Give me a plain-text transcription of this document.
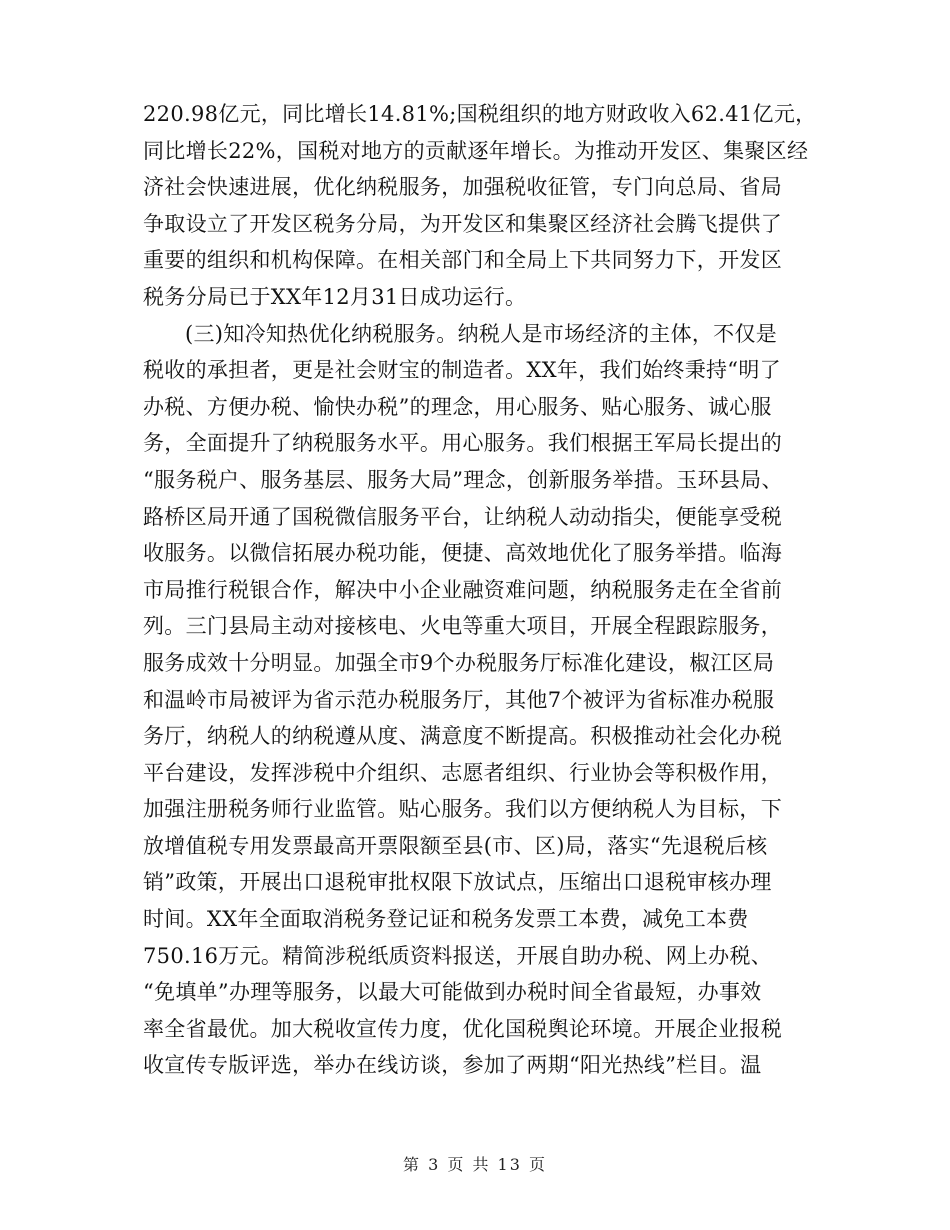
220.98亿元，同比增长14.81%;国税组织的地方财政收入62.41亿元，
同比增长22%，国税对地方的贡献逐年增长。为推动开发区、集聚区经
济社会快速进展，优化纳税服务，加强税收征管，专门向总局、省局
争取设立了开发区税务分局，为开发区和集聚区经济社会腾飞提供了
重要的组织和机构保障。在相关部门和全局上下共同努力下，开发区
税务分局已于XX年12月31日成功运行。
(三)知冷知热优化纳税服务。纳税人是市场经济的主体，不仅是
税收的承担者，更是社会财宝的制造者。XX年，我们始终秉持“明了
办税、方便办税、愉快办税”的理念，用心服务、贴心服务、诚心服
务，全面提升了纳税服务水平。用心服务。我们根据王军局长提出的
“服务税户、服务基层、服务大局”理念，创新服务举措。玉环县局、
路桥区局开通了国税微信服务平台，让纳税人动动指尖，便能享受税
收服务。以微信拓展办税功能，便捷、高效地优化了服务举措。临海
市局推行税银合作，解决中小企业融资难问题，纳税服务走在全省前
列。三门县局主动对接核电、火电等重大项目，开展全程跟踪服务，
服务成效十分明显。加强全市9个办税服务厅标准化建设，椒江区局
和温岭市局被评为省示范办税服务厅，其他7个被评为省标准办税服
务厅，纳税人的纳税遵从度、满意度不断提高。积极推动社会化办税
平台建设，发挥涉税中介组织、志愿者组织、行业协会等积极作用，
加强注册税务师行业监管。贴心服务。我们以方便纳税人为目标，下
放增值税专用发票最高开票限额至县(市、区)局，落实“先退税后核
销”政策，开展出口退税审批权限下放试点，压缩出口退税审核办理
时间。XX年全面取消税务登记证和税务发票工本费，减免工本费
750.16万元。精简涉税纸质资料报送，开展自助办税、网上办税、
“免填单”办理等服务，以最大可能做到办税时间全省最短，办事效
率全省最优。加大税收宣传力度，优化国税舆论环境。开展企业报税
收宣传专版评选，举办在线访谈，参加了两期“阳光热线”栏目。温
第 3 页 共 13 页
